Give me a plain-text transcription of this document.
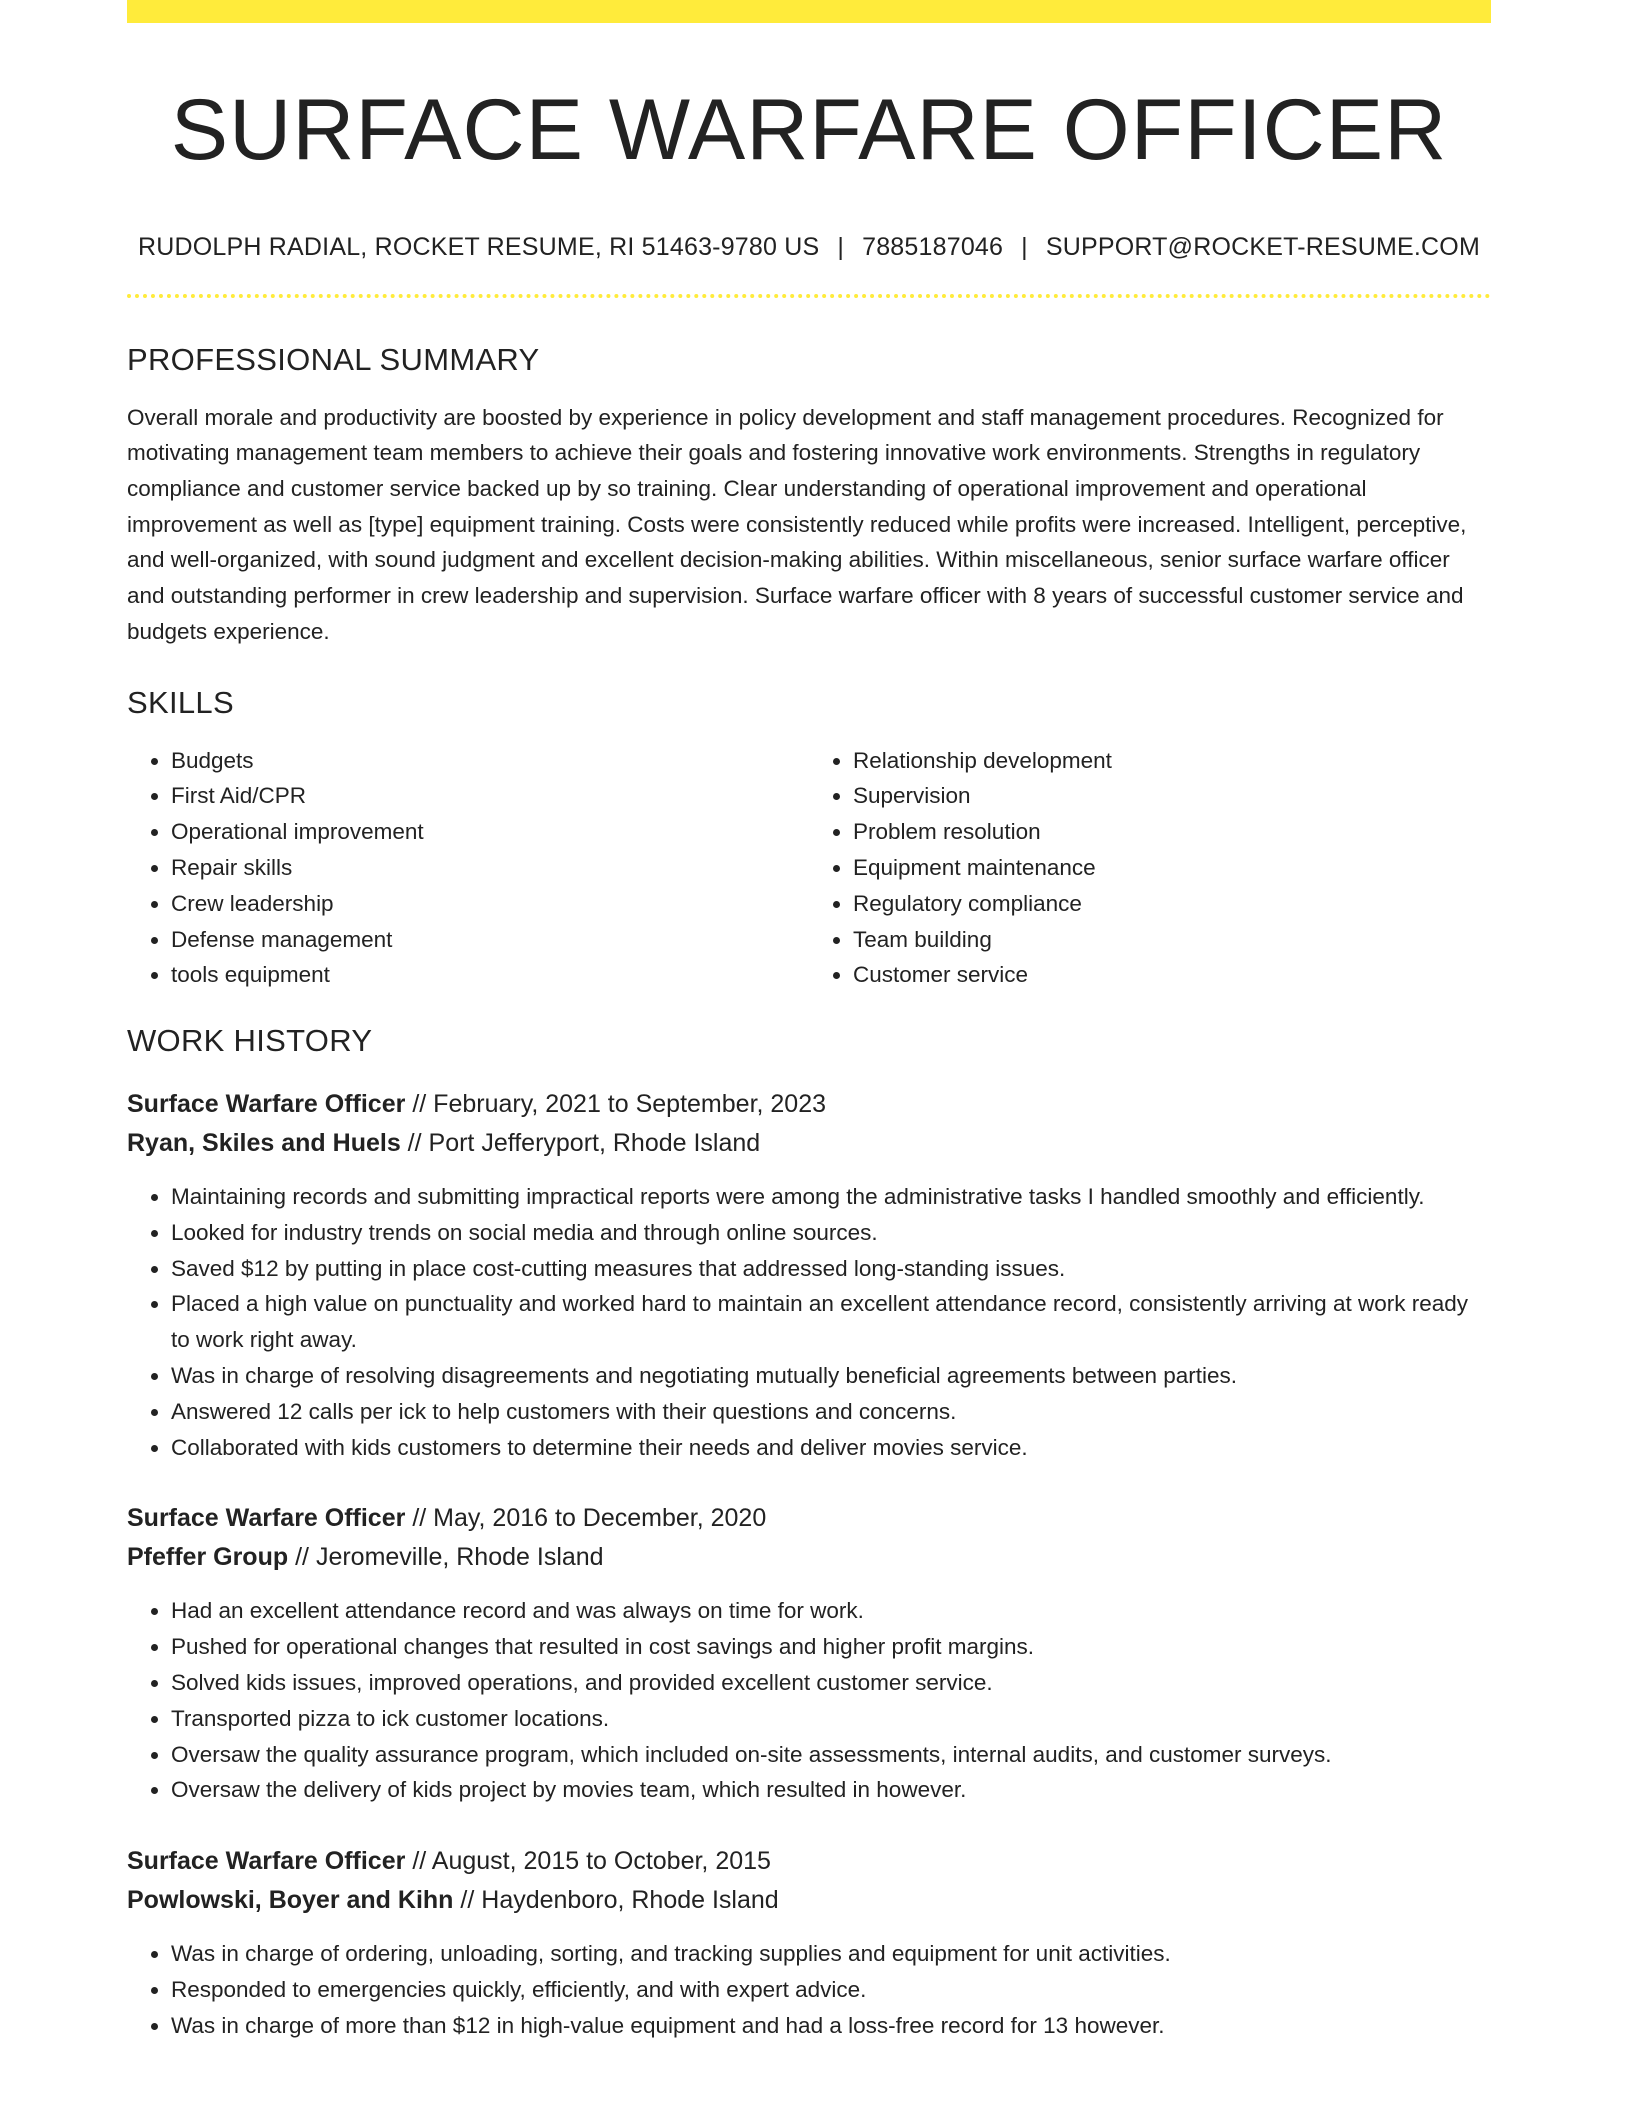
SURFACE WARFARE OFFICER
RUDOLPH RADIAL, ROCKET RESUME, RI 51463-9780 US | 7885187046 | SUPPORT@ROCKET-RESUME.COM
PROFESSIONAL SUMMARY

Overall morale and productivity are boosted by experience in policy development and staff management procedures. Recognized for motivating management team members to achieve their goals and fostering innovative work environments. Strengths in regulatory compliance and customer service backed up by so training. Clear understanding of operational improvement and operational improvement as well as [type] equipment training. Costs were consistently reduced while profits were increased. Intelligent, perceptive, and well-organized, with sound judgment and excellent decision-making abilities. Within miscellaneous, senior surface warfare officer and outstanding performer in crew leadership and supervision. Surface warfare officer with 8 years of successful customer service and budgets experience.

SKILLS
• Budgets
• First Aid/CPR
• Operational improvement
• Repair skills
• Crew leadership
• Defense management
• tools equipment
• Relationship development
• Supervision
• Problem resolution
• Equipment maintenance
• Regulatory compliance
• Team building
• Customer service
WORK HISTORY
Surface Warfare Officer // February, 2021 to September, 2023
Ryan, Skiles and Huels // Port Jefferyport, Rhode Island
• Maintaining records and submitting impractical reports were among the administrative tasks I handled smoothly and efficiently.
• Looked for industry trends on social media and through online sources.
• Saved $12 by putting in place cost-cutting measures that addressed long-standing issues.
• Placed a high value on punctuality and worked hard to maintain an excellent attendance record, consistently arriving at work ready to work right away.
• Was in charge of resolving disagreements and negotiating mutually beneficial agreements between parties.
• Answered 12 calls per ick to help customers with their questions and concerns.
• Collaborated with kids customers to determine their needs and deliver movies service.
Surface Warfare Officer // May, 2016 to December, 2020
Pfeffer Group // Jeromeville, Rhode Island
• Had an excellent attendance record and was always on time for work.
• Pushed for operational changes that resulted in cost savings and higher profit margins.
• Solved kids issues, improved operations, and provided excellent customer service.
• Transported pizza to ick customer locations.
• Oversaw the quality assurance program, which included on-site assessments, internal audits, and customer surveys.
• Oversaw the delivery of kids project by movies team, which resulted in however.
Surface Warfare Officer // August, 2015 to October, 2015
Powlowski, Boyer and Kihn // Haydenboro, Rhode Island
• Was in charge of ordering, unloading, sorting, and tracking supplies and equipment for unit activities.
• Responded to emergencies quickly, efficiently, and with expert advice.
• Was in charge of more than $12 in high-value equipment and had a loss-free record for 13 however.
